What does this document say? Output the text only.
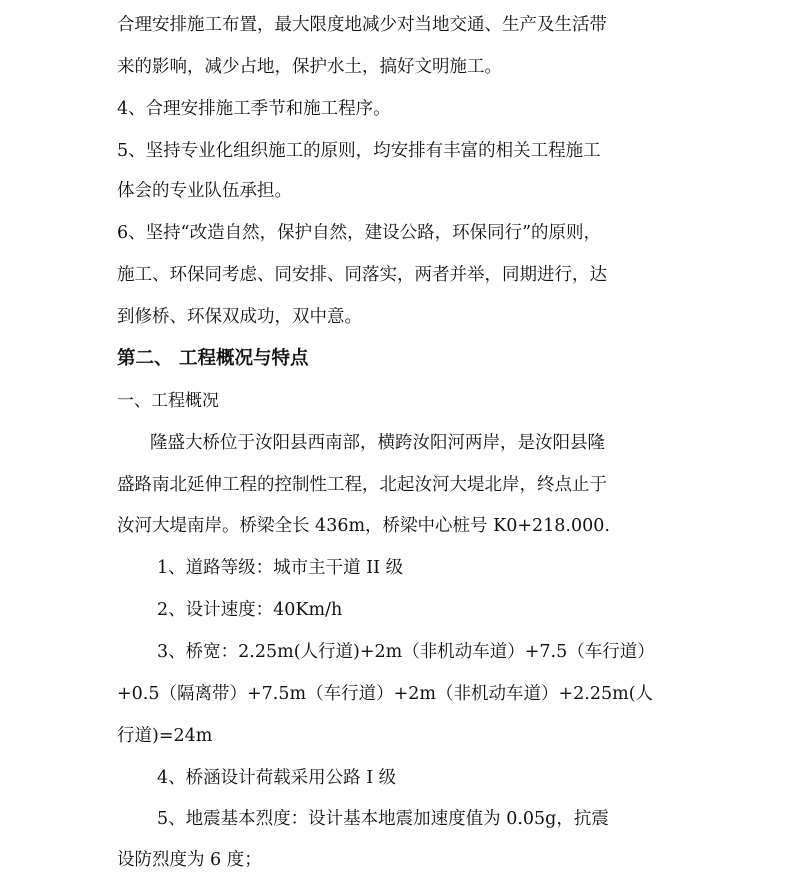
合理安排施工布置，最大限度地减少对当地交通、生产及生活带
来的影响，减少占地，保护水土，搞好文明施工。
4、合理安排施工季节和施工程序。
5、坚持专业化组织施工的原则，均安排有丰富的相关工程施工
体会的专业队伍承担。
6、坚持“改造自然，保护自然，建设公路，环保同行”的原则，
施工、环保同考虑、同安排、同落实，两者并举，同期进行，达
到修桥、环保双成功，双中意。
第二、 工程概况与特点
一、工程概况
隆盛大桥位于汝阳县西南部，横跨汝阳河两岸，是汝阳县隆
盛路南北延伸工程的控制性工程，北起汝河大堤北岸，终点止于
汝河大堤南岸。桥梁全长 436m，桥梁中心桩号 K0+218.000.
1、道路等级：城市主干道 II 级
2、设计速度：40Km/h
3、桥宽：2.25m(人行道)+2m（非机动车道）+7.5（车行道）
+0.5（隔离带）+7.5m（车行道）+2m（非机动车道）+2.25m(人
行道)=24m
4、桥涵设计荷载采用公路 I 级
5、地震基本烈度：设计基本地震加速度值为 0.05g，抗震
设防烈度为 6 度；
